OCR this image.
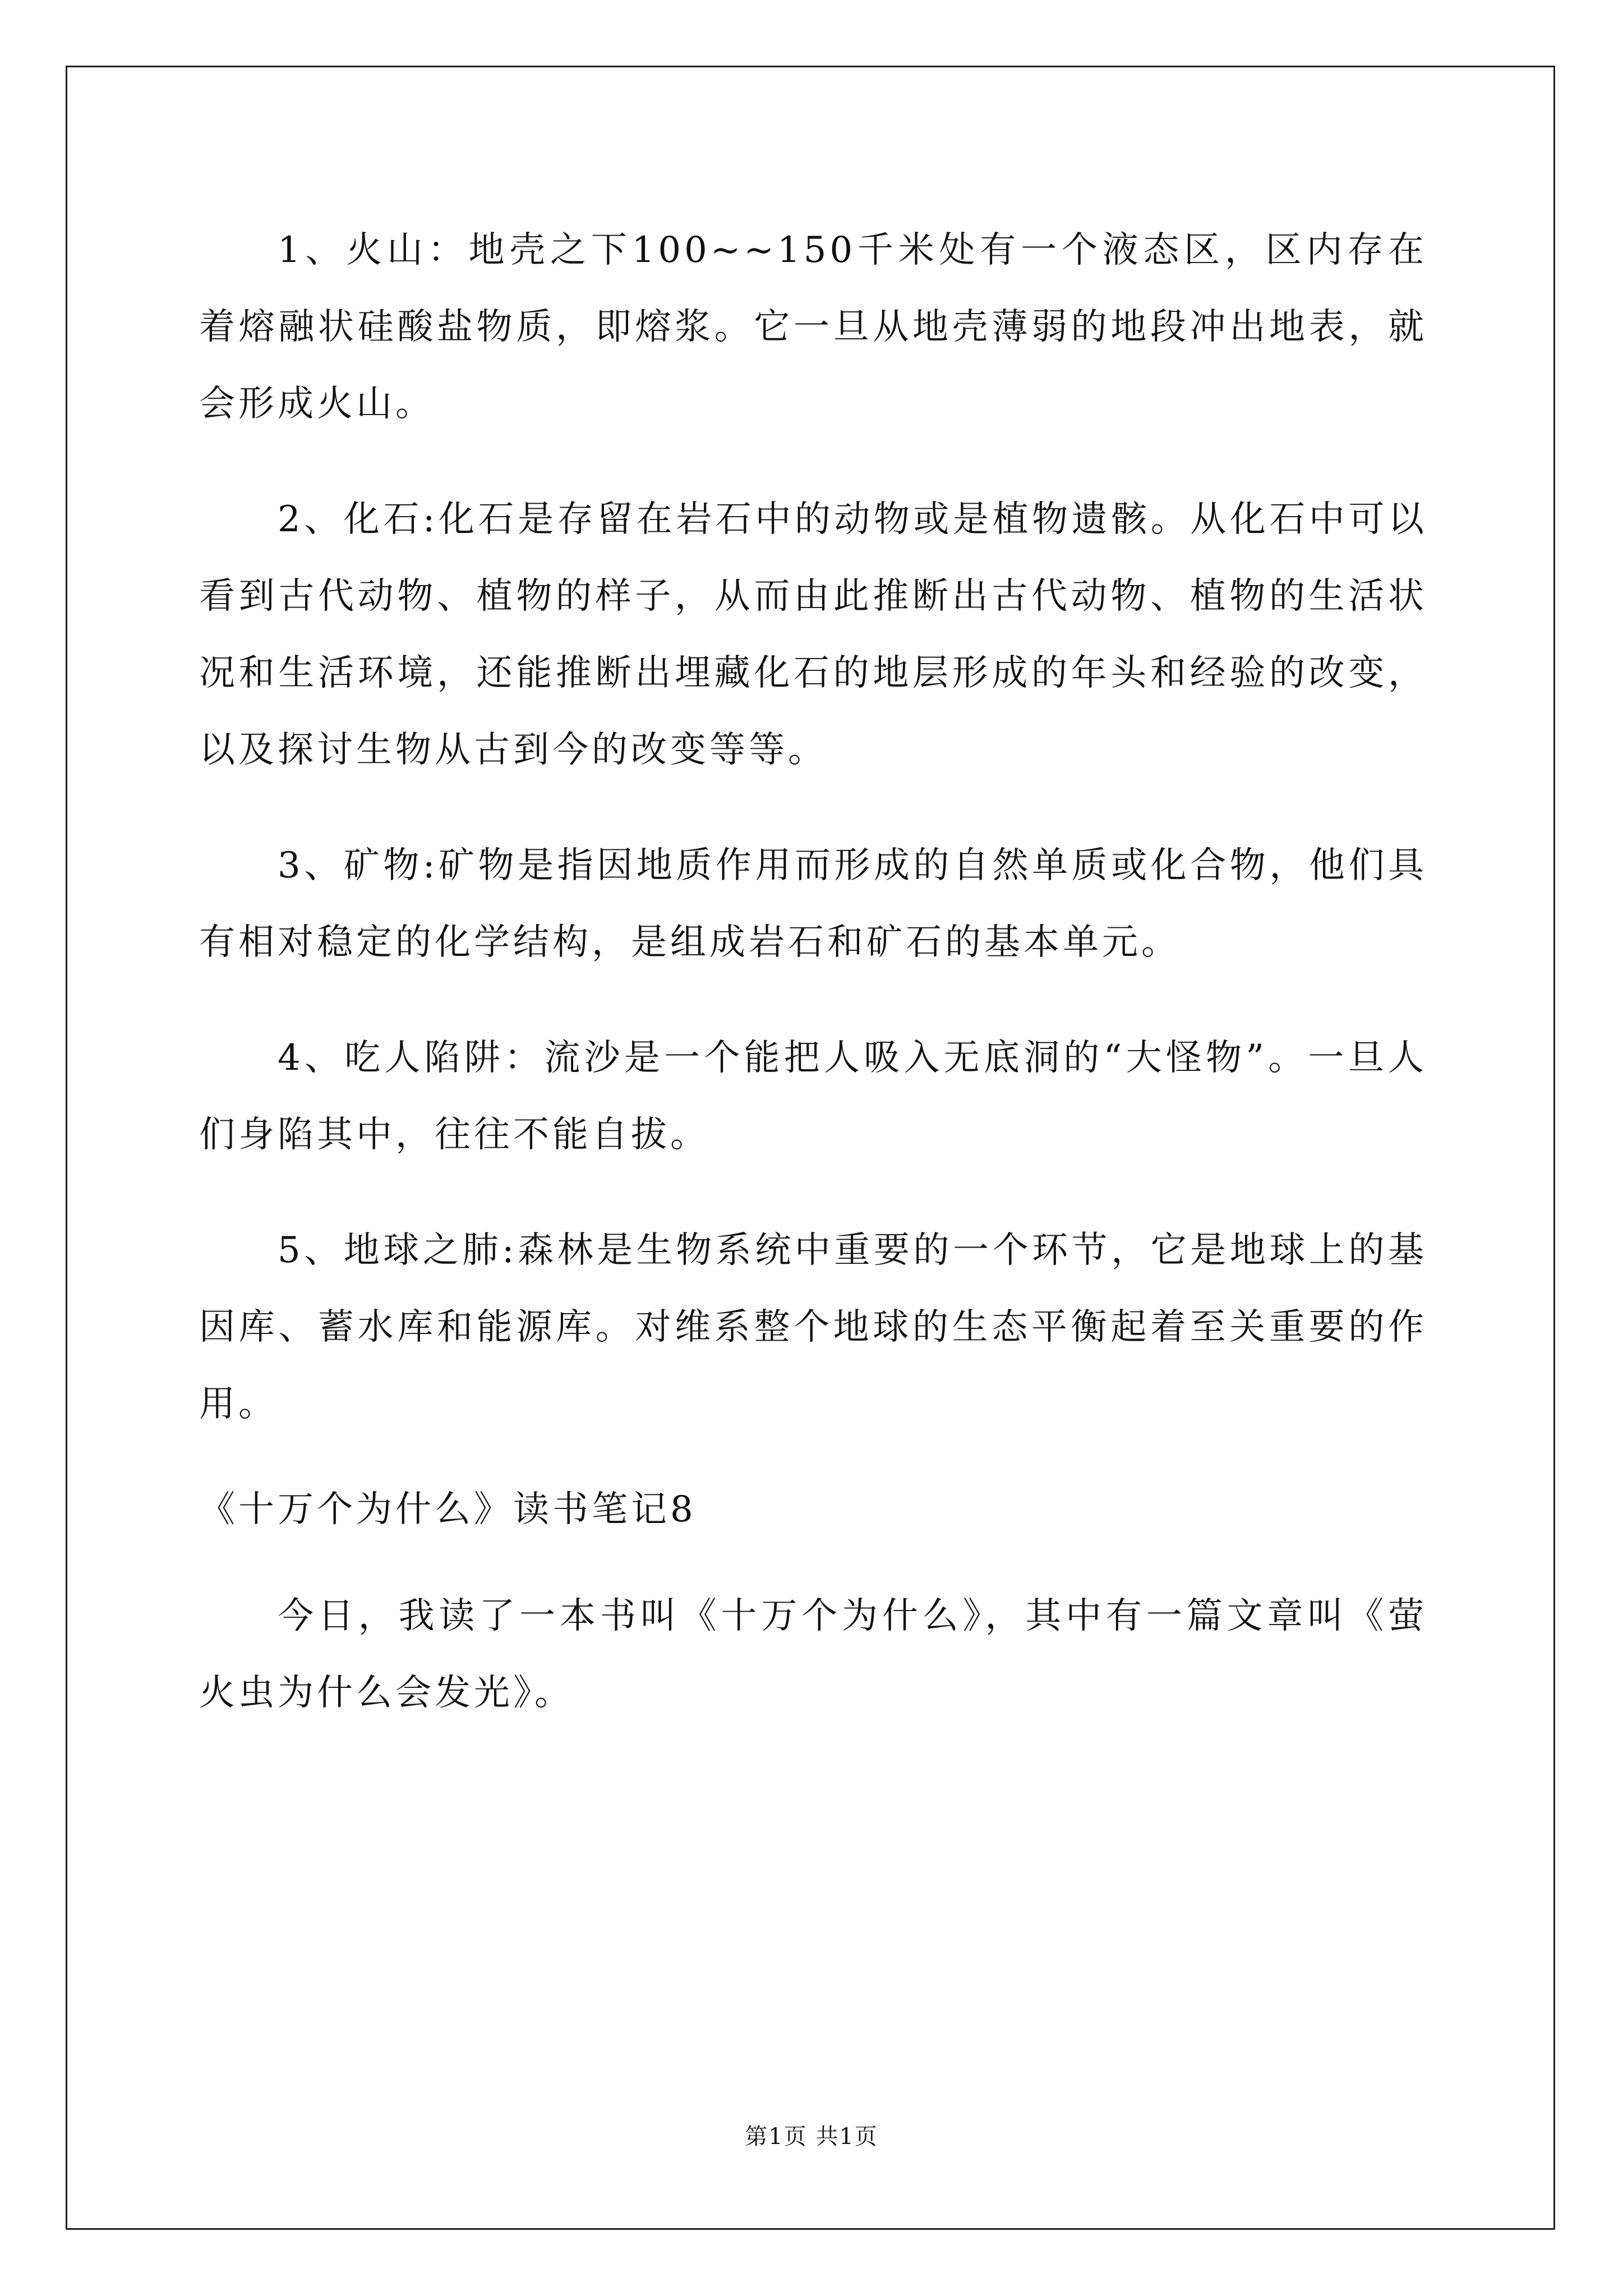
1、火山：地壳之下100~~150千米处有一个液态区，区内存在着熔融状硅酸盐物质，即熔浆。它一旦从地壳薄弱的地段冲出地表，就会形成火山。

2、化石:化石是存留在岩石中的动物或是植物遗骸。从化石中可以看到古代动物、植物的样子，从而由此推断出古代动物、植物的生活状况和生活环境，还能推断出埋藏化石的地层形成的年头和经验的改变，以及探讨生物从古到今的改变等等。

3、矿物:矿物是指因地质作用而形成的自然单质或化合物，他们具有相对稳定的化学结构，是组成岩石和矿石的基本单元。

4、吃人陷阱：流沙是一个能把人吸入无底洞的“大怪物”。一旦人们身陷其中，往往不能自拔。

5、地球之肺:森林是生物系统中重要的一个环节，它是地球上的基因库、蓄水库和能源库。对维系整个地球的生态平衡起着至关重要的作用。

《十万个为什么》读书笔记8

今日，我读了一本书叫《十万个为什么》，其中有一篇文章叫《萤火虫为什么会发光》。

第1页 共1页
